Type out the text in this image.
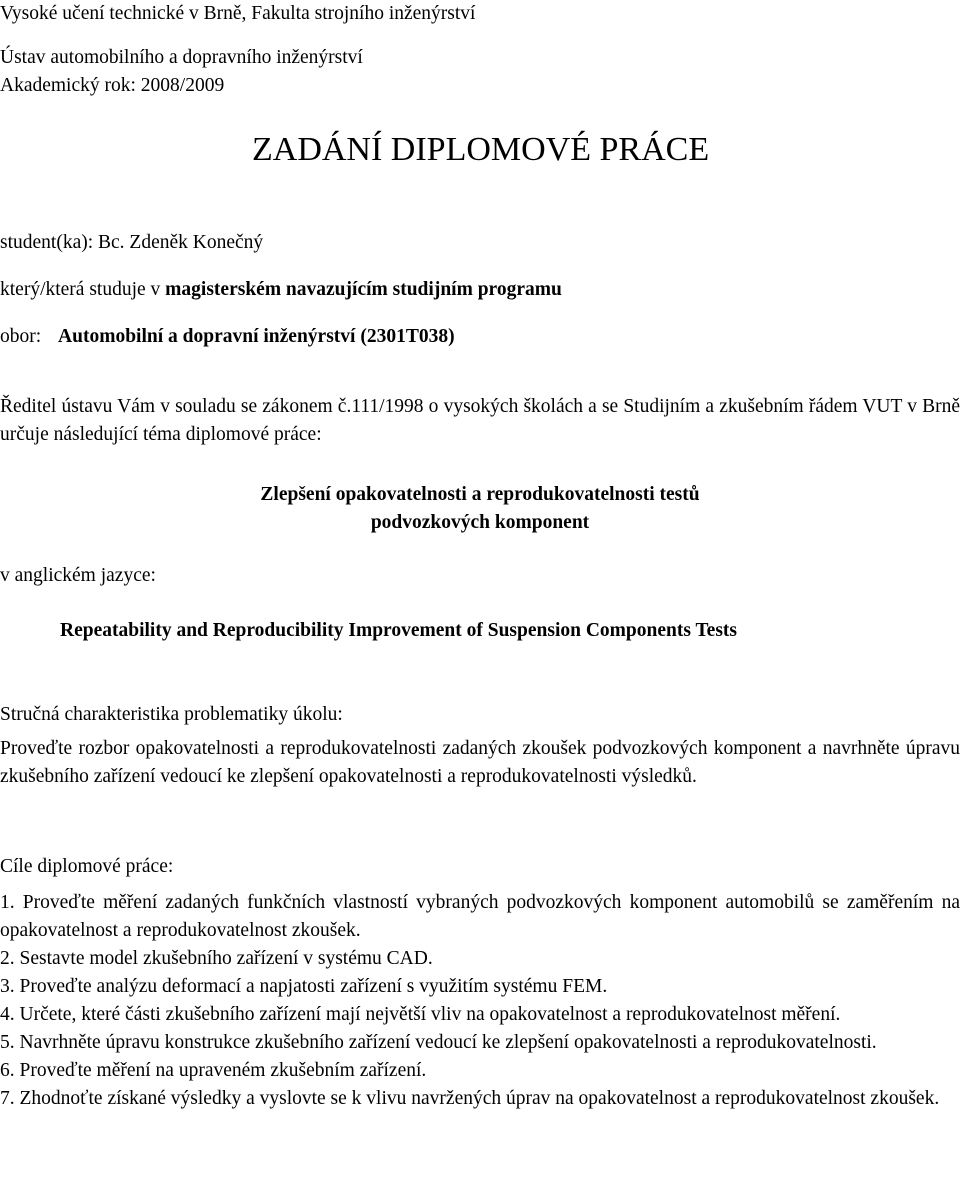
Vysoké učení technické v Brně, Fakulta strojního inženýrství
Ústav automobilního a dopravního inženýrství
Akademický rok: 2008/2009
ZADÁNÍ DIPLOMOVÉ PRÁCE
student(ka): Bc. Zdeněk Konečný
který/která studuje v magisterském navazujícím studijním programu
obor: Automobilní a dopravní inženýrství (2301T038)

Ředitel ústavu Vám v souladu se zákonem č.111/1998 o vysokých školách a se Studijním a zkušebním řádem VUT v Brně určuje následující téma diplomové práce:

Zlepšení opakovatelnosti a reprodukovatelnosti testů
podvozkových komponent
v anglickém jazyce:
Repeatability and Reproducibility Improvement of Suspension Components Tests
Stručná charakteristika problematiky úkolu:

Proveďte rozbor opakovatelnosti a reprodukovatelnosti zadaných zkoušek podvozkových komponent a navrhněte úpravu zkušebního zařízení vedoucí ke zlepšení opakovatelnosti a reprodukovatelnosti výsledků.

Cíle diplomové práce:
1. Proveďte měření zadaných funkčních vlastností vybraných podvozkových komponent automobilů se zaměřením na opakovatelnost a reprodukovatelnost zkoušek.
2. Sestavte model zkušebního zařízení v systému CAD.
3. Proveďte analýzu deformací a napjatosti zařízení s využitím systému FEM.
4. Určete, které části zkušebního zařízení mají největší vliv na opakovatelnost a reprodukovatelnost měření.
5. Navrhněte úpravu konstrukce zkušebního zařízení vedoucí ke zlepšení opakovatelnosti a reprodukovatelnosti.
6. Proveďte měření na upraveném zkušebním zařízení.
7. Zhodnoťte získané výsledky a vyslovte se k vlivu navržených úprav na opakovatelnost a reprodukovatelnost zkoušek.
